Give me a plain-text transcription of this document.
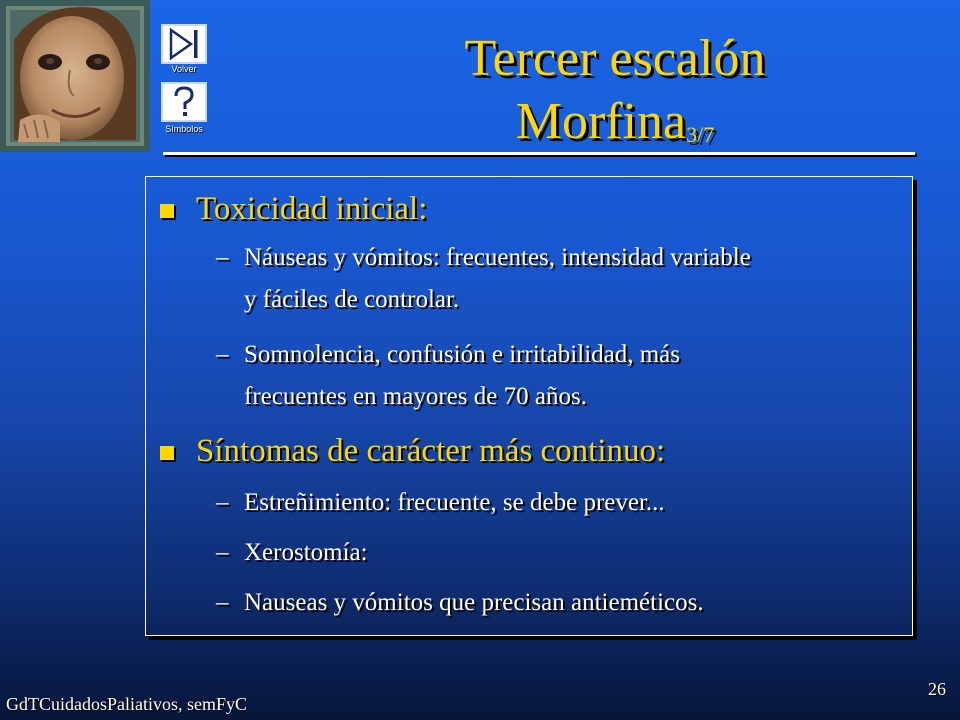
Volver
Símbolos
Tercer escalón
Morfina$_{3/7}$
Toxicidad inicial:
– Náuseas y vómitos: frecuentes, intensidad variable
y fáciles de controlar.
– Somnolencia, confusión e irritabilidad, más
frecuentes en mayores de 70 años.
Síntomas de carácter más continuo:
– Estreñimiento: frecuente, se debe prever...
– Xerostomía:
– Nauseas y vómitos que precisan antieméticos.
GdTCuidadosPaliativos, semFyC
26
